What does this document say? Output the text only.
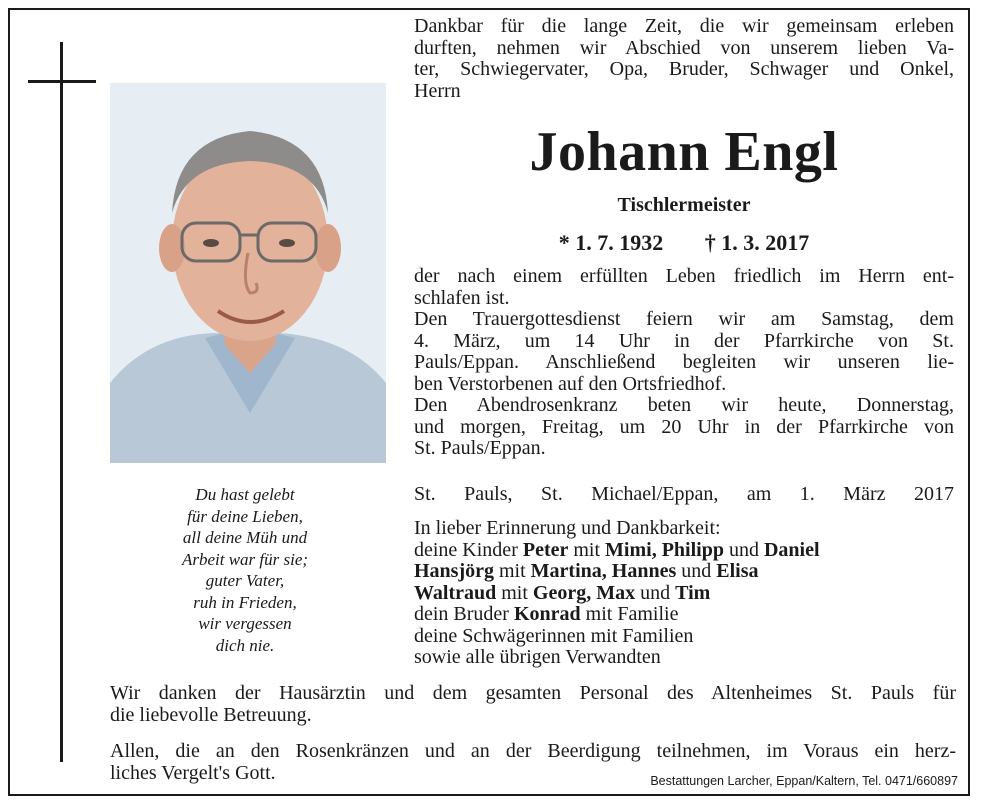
Du hast gelebt
für deine Lieben,
all deine Müh und
Arbeit war für sie;
guter Vater,
ruh in Frieden,
wir vergessen
dich nie.
Dankbar für die lange Zeit, die wir gemeinsam erleben
durften, nehmen wir Abschied von unserem lieben Va-
ter, Schwiegervater, Opa, Bruder, Schwager und Onkel,
Herrn
Johann Engl
Tischlermeister
* 1. 7. 1932 † 1. 3. 2017
der nach einem erfüllten Leben friedlich im Herrn ent-
schlafen ist.
Den Trauergottesdienst feiern wir am Samstag, dem
4. März, um 14 Uhr in der Pfarrkirche von St.
Pauls/Eppan. Anschließend begleiten wir unseren lie-
ben Verstorbenen auf den Ortsfriedhof.
Den Abendrosenkranz beten wir heute, Donnerstag,
und morgen, Freitag, um 20 Uhr in der Pfarrkirche von
St. Pauls/Eppan.
St. Pauls, St. Michael/Eppan, am 1. März 2017
In lieber Erinnerung und Dankbarkeit:
deine Kinder Peter mit Mimi, Philipp und Daniel
Hansjörg mit Martina, Hannes und Elisa
Waltraud mit Georg, Max und Tim
dein Bruder Konrad mit Familie
deine Schwägerinnen mit Familien
sowie alle übrigen Verwandten
Wir danken der Hausärztin und dem gesamten Personal des Altenheimes St. Pauls für
die liebevolle Betreuung.
Allen, die an den Rosenkränzen und an der Beerdigung teilnehmen, im Voraus ein herz-
liches Vergelt's Gott.	Bestattungen Larcher, Eppan/Kaltern, Tel. 0471/660897
